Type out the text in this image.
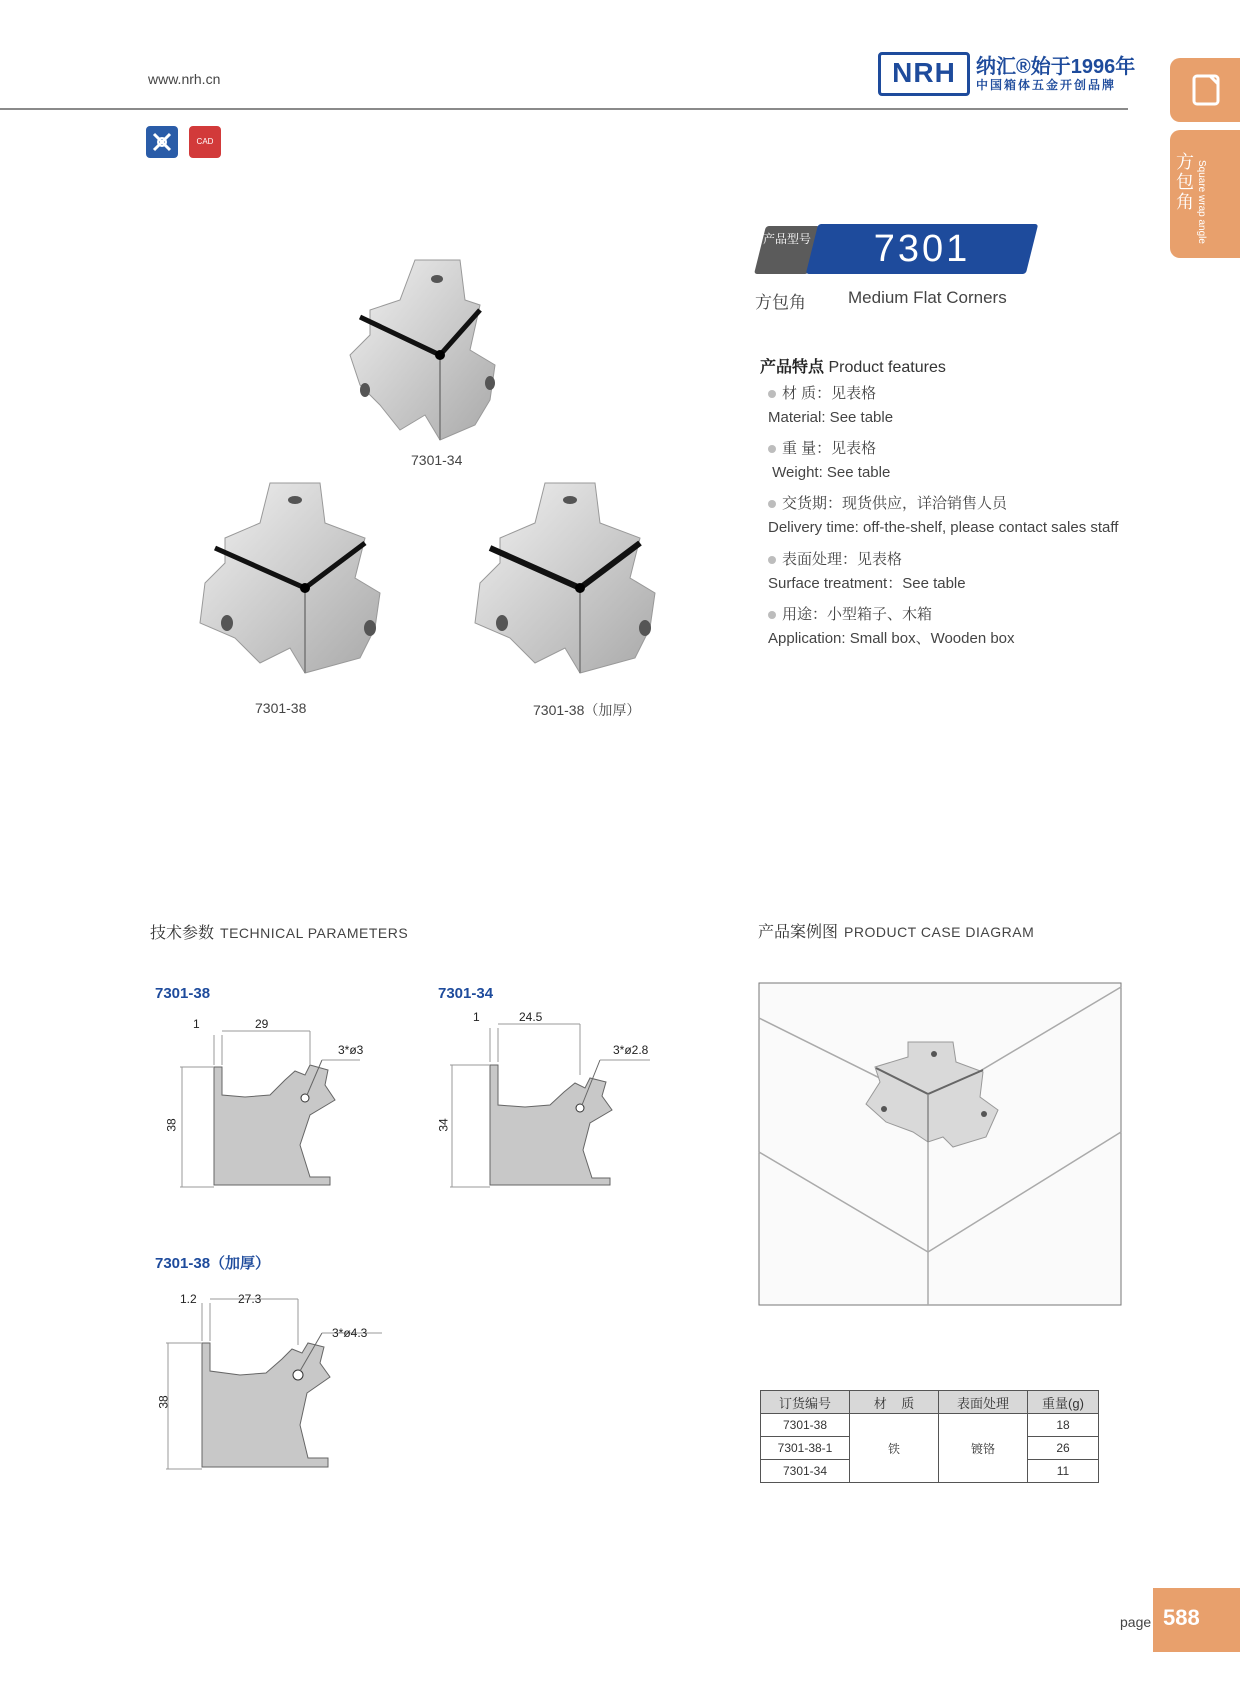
www.nrh.cn	NRH	纳汇®始于1996年
中国箱体五金开创品牌
方包角 Square wrap angle
CAD
产品型号	7301
方包角 Medium Flat Corners
7301-34
7301-38	7301-38（加厚）
产品特点 Product features
材 质：见表格
Material: See table
重 量：见表格
Weight: See table
交货期：现货供应，详洽销售人员
Delivery time: off-the-shelf, please contact sales staff
表面处理：见表格
Surface treatment：See table
用途：小型箱子、木箱
Application: Small box、Wooden box
技术参数 TECHNICAL PARAMETERS
7301-38
1	29
38
3*ø3
7301-34
1	24.5
34
3*ø2.8
7301-38（加厚）
1.2	27.3
38
3*ø4.3
产品案例图 PRODUCT CASE DIAGRAM
订货编号	材    质	表面处理	重量(g)
7301-38	铁	镀铬	18
7301-38-1			26
7301-34			11
page 588
